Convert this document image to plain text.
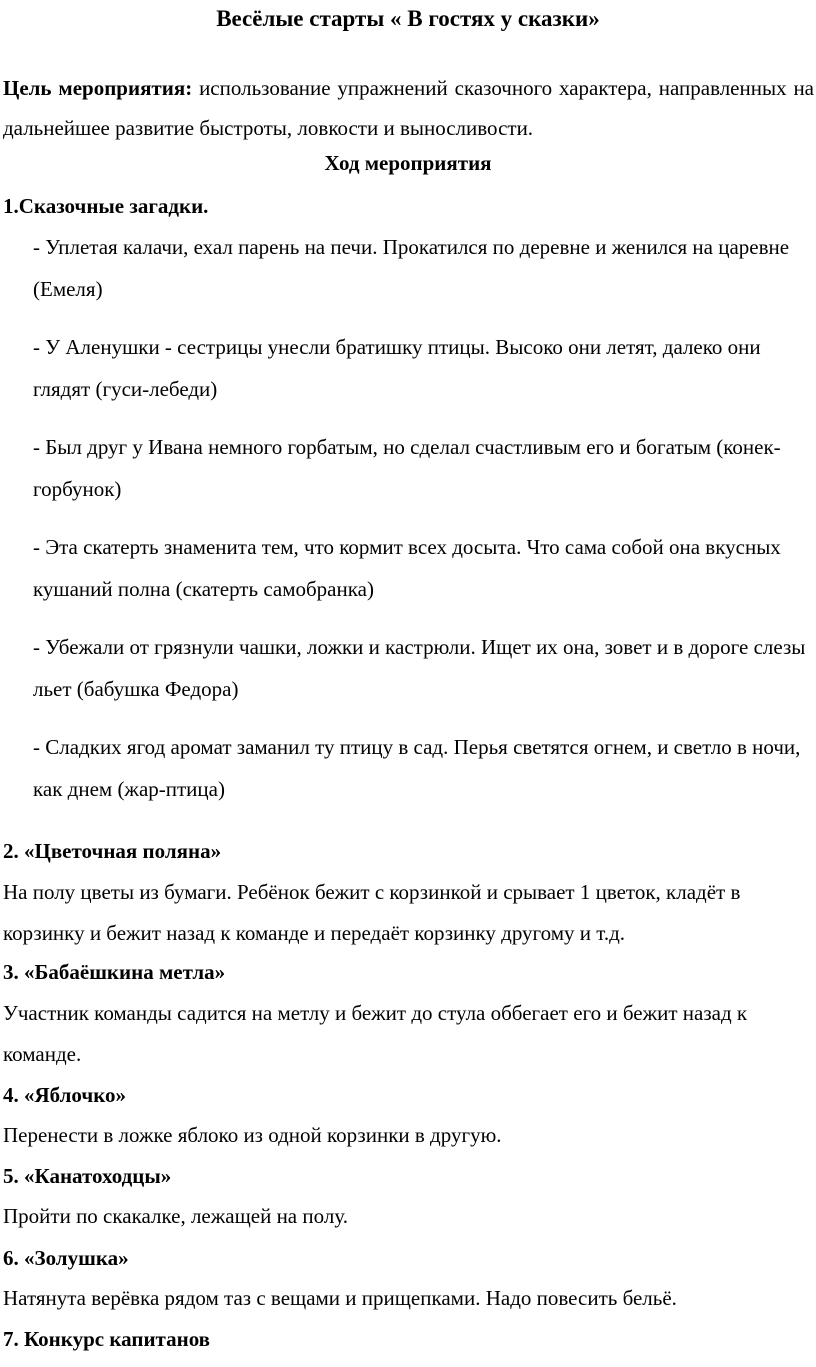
Весёлые старты « В гостях у сказки»
Цель мероприятия: использование упражнений сказочного характера, направленных на дальнейшее развитие быстроты, ловкости и выносливости.
Ход мероприятия
1.Сказочные загадки.
- Уплетая калачи, ехал парень на печи. Прокатился по деревне и женился на царевне (Емеля)
- У Аленушки - сестрицы унесли братишку птицы. Высоко они летят, далеко они глядят (гуси-лебеди)
- Был друг у Ивана немного горбатым, но сделал счастливым его и богатым (конек-горбунок)
- Эта скатерть знаменита тем, что кормит всех досыта. Что сама собой она вкусных кушаний полна (скатерть самобранка)
- Убежали от грязнули чашки, ложки и кастрюли. Ищет их она, зовет и в дороге слезы льет (бабушка Федора)
- Сладких ягод аромат заманил ту птицу в сад. Перья светятся огнем, и светло в ночи, как днем (жар-птица)
2. «Цветочная поляна»
На полу цветы из бумаги. Ребёнок бежит с корзинкой и срывает 1 цветок, кладёт в корзинку и бежит назад к команде и передаёт корзинку другому и т.д.
3. «Бабаёшкина метла»
Участник команды садится на метлу и бежит до стула оббегает его и бежит назад к команде.
4. «Яблочко»
Перенести в ложке яблоко из одной корзинки в другую.
5. «Канатоходцы»
Пройти по скакалке, лежащей на полу.
6. «Золушка»
Натянута верёвка рядом таз с вещами и прищепками. Надо повесить бельё.
7. Конкурс капитанов
